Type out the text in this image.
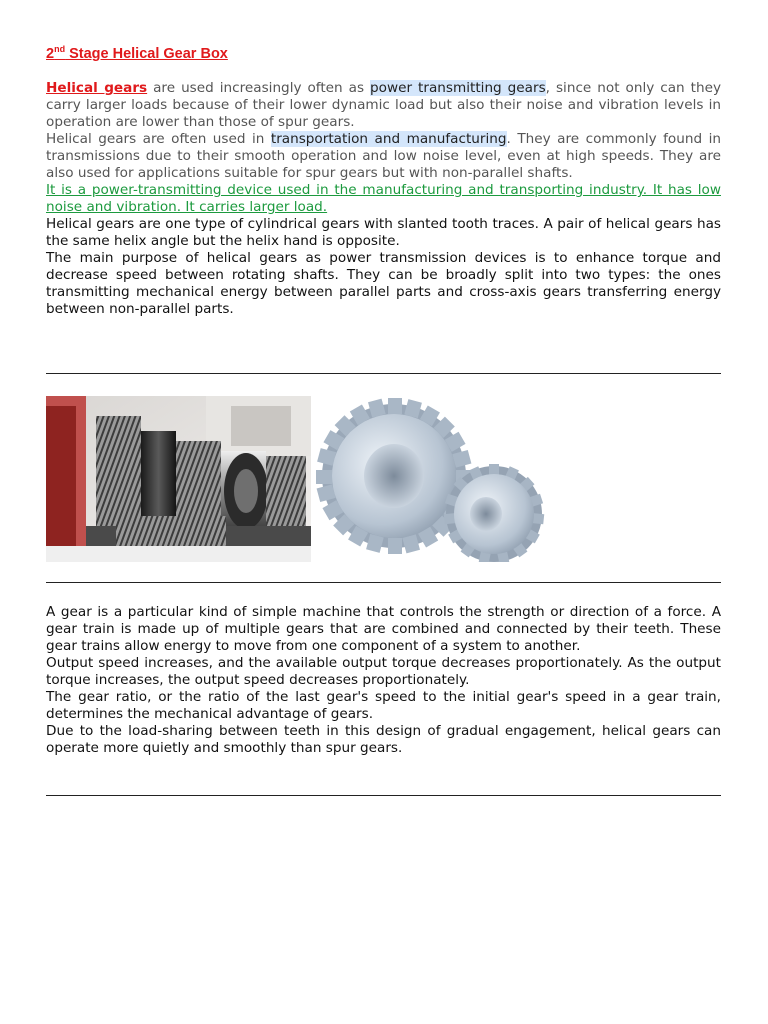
2nd Stage Helical Gear Box

Helical gears are used increasingly often as power transmitting gears, since not only can they carry larger loads because of their lower dynamic load but also their noise and vibration levels in operation are lower than those of spur gears.

Helical gears are often used in transportation and manufacturing. They are commonly found in transmissions due to their smooth operation and low noise level, even at high speeds. They are also used for applications suitable for spur gears but with non-parallel shafts.

It is a power-transmitting device used in the manufacturing and transporting industry. It has low noise and vibration. It carries larger load.

Helical gears are one type of cylindrical gears with slanted tooth traces. A pair of helical gears has the same helix angle but the helix hand is opposite.

The main purpose of helical gears as power transmission devices is to enhance torque and decrease speed between rotating shafts. They can be broadly split into two types: the ones transmitting mechanical energy between parallel parts and cross-axis gears transferring energy between non-parallel parts.

A gear is a particular kind of simple machine that controls the strength or direction of a force. A gear train is made up of multiple gears that are combined and connected by their teeth. These gear trains allow energy to move from one component of a system to another.

Output speed increases, and the available output torque decreases proportionately. As the output torque increases, the output speed decreases proportionately.

The gear ratio, or the ratio of the last gear's speed to the initial gear's speed in a gear train, determines the mechanical advantage of gears.

Due to the load-sharing between teeth in this design of gradual engagement, helical gears can operate more quietly and smoothly than spur gears.
